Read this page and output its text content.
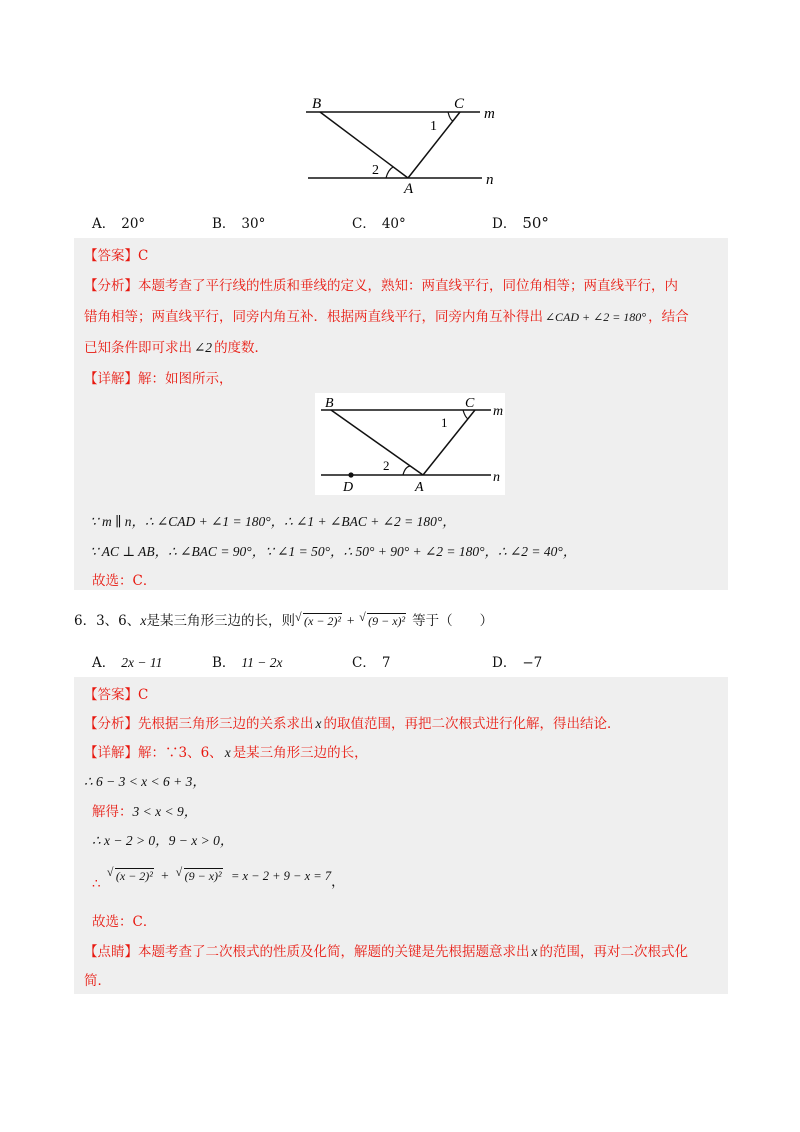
B	C
m
n
1
2
A
A． 20°	B． 30°	C． 40°	D． 50°
【答案】C
【分析】本题考查了平行线的性质和垂线的定义，熟知：两直线平行，同位角相等；两直线平行，内
错角相等；两直线平行，同旁内角互补．根据两直线平行，同旁内角互补得出 ∠CAD + ∠2 = 180° ，结合
已知条件即可求出 ∠2 的度数．
【详解】解：如图所示，
B	C
m
n
1
2
D	A
∵ m ∥ n，∴ ∠CAD + ∠1 = 180°，∴ ∠1 + ∠BAC + ∠2 = 180°，
∵ AC ⊥ AB，∴ ∠BAC = 90°，∵ ∠1 = 50°，∴ 50° + 90° + ∠2 = 180°，∴ ∠2 = 40°，
故选：C．
6．3、6、x是某三角形三边的长，则 √ (x − 2)² + √ (9 − x)² 等于（　　）
A． 2x − 11	B． 11 − 2x	C． 7	D． −7
【答案】C
【分析】先根据三角形三边的关系求出 x 的取值范围，再把二次根式进行化解，得出结论．
【详解】解：∵3、6、 x 是某三角形三边的长，
∴ 6 − 3 < x < 6 + 3，
解得：3 < x < 9，
∴ x − 2 > 0，9 − x > 0，
∴
√ (x − 2)² + √ (9 − x)² = x − 2 + 9 − x = 7，
故选：C．
【点睛】本题考查了二次根式的性质及化简，解题的关键是先根据题意求出 x 的范围，再对二次根式化
简．
